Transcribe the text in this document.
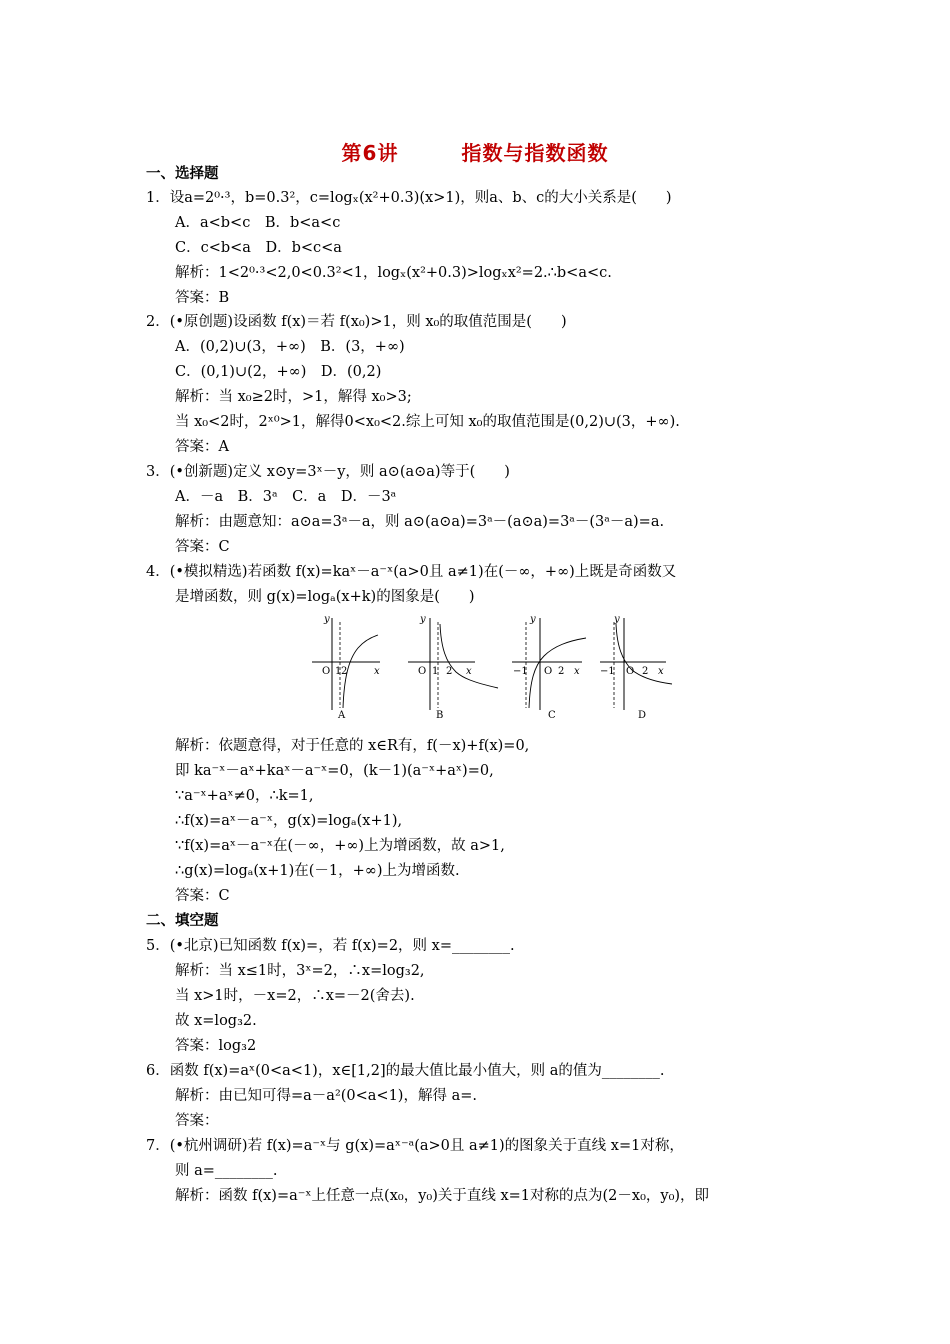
第6讲　　　指数与指数函数
一、选择题
1．设a=2⁰·³，b=0.3²，c=logₓ(x²+0.3)(x>1)，则a、b、c的大小关系是(　　)
A．a<b<c　B．b<a<c
C．c<b<a　D．b<c<a
解析：1<2⁰·³<2,0<0.3²<1，logₓ(x²+0.3)>logₓx²=2.∴b<a<c.
答案：B
2．(•原创题)设函数 f(x)＝若 f(x₀)>1，则 x₀的取值范围是(　　)
A．(0,2)∪(3，+∞)　B．(3，+∞)
C．(0,1)∪(2，+∞)　D．(0,2)
解析：当 x₀≥2时，>1，解得 x₀>3;
当 x₀<2时，2ˣ⁰>1，解得0<x₀<2.综上可知 x₀的取值范围是(0,2)∪(3，+∞).
答案：A
3．(•创新题)定义 x⊙y=3ˣ－y，则 a⊙(a⊙a)等于(　　)
A．－a　B．3ᵃ　C．a　D．－3ᵃ
解析：由题意知：a⊙a=3ᵃ－a，则 a⊙(a⊙a)=3ᵃ－(a⊙a)=3ᵃ－(3ᵃ－a)=a.
答案：C
4．(•模拟精选)若函数 f(x)=kaˣ－a⁻ˣ(a>0且 a≠1)在(－∞，+∞)上既是奇函数又
是增函数，则 g(x)=logₐ(x+k)的图象是(　　)
y
x
O 1 2
A
y
x
O 1 2
B
y
x
O
−1	2
C
y
x
O
−1	2
D
解析：依题意得，对于任意的 x∈R有，f(－x)+f(x)=0,
即 ka⁻ˣ－aˣ+kaˣ－a⁻ˣ=0，(k－1)(a⁻ˣ+aˣ)=0,
∵a⁻ˣ+aˣ≠0，∴k=1,
∴f(x)=aˣ－a⁻ˣ，g(x)=logₐ(x+1),
∵f(x)=aˣ－a⁻ˣ在(－∞，+∞)上为增函数，故 a>1,
∴g(x)=logₐ(x+1)在(－1，+∞)上为增函数.
答案：C
二、填空题
5．(•北京)已知函数 f(x)=，若 f(x)=2，则 x=________.
解析：当 x≤1时，3ˣ=2，∴x=log₃2,
当 x>1时，－x=2，∴x=－2(舍去).
故 x=log₃2.
答案：log₃2
6．函数 f(x)=aˣ(0<a<1)，x∈[1,2]的最大值比最小值大，则 a的值为________.
解析：由已知可得=a－a²(0<a<1)，解得 a=.
答案：
7．(•杭州调研)若 f(x)=a⁻ˣ与 g(x)=aˣ⁻ᵃ(a>0且 a≠1)的图象关于直线 x=1对称，
则 a=________.
解析：函数 f(x)=a⁻ˣ上任意一点(x₀，y₀)关于直线 x=1对称的点为(2－x₀，y₀)，即
